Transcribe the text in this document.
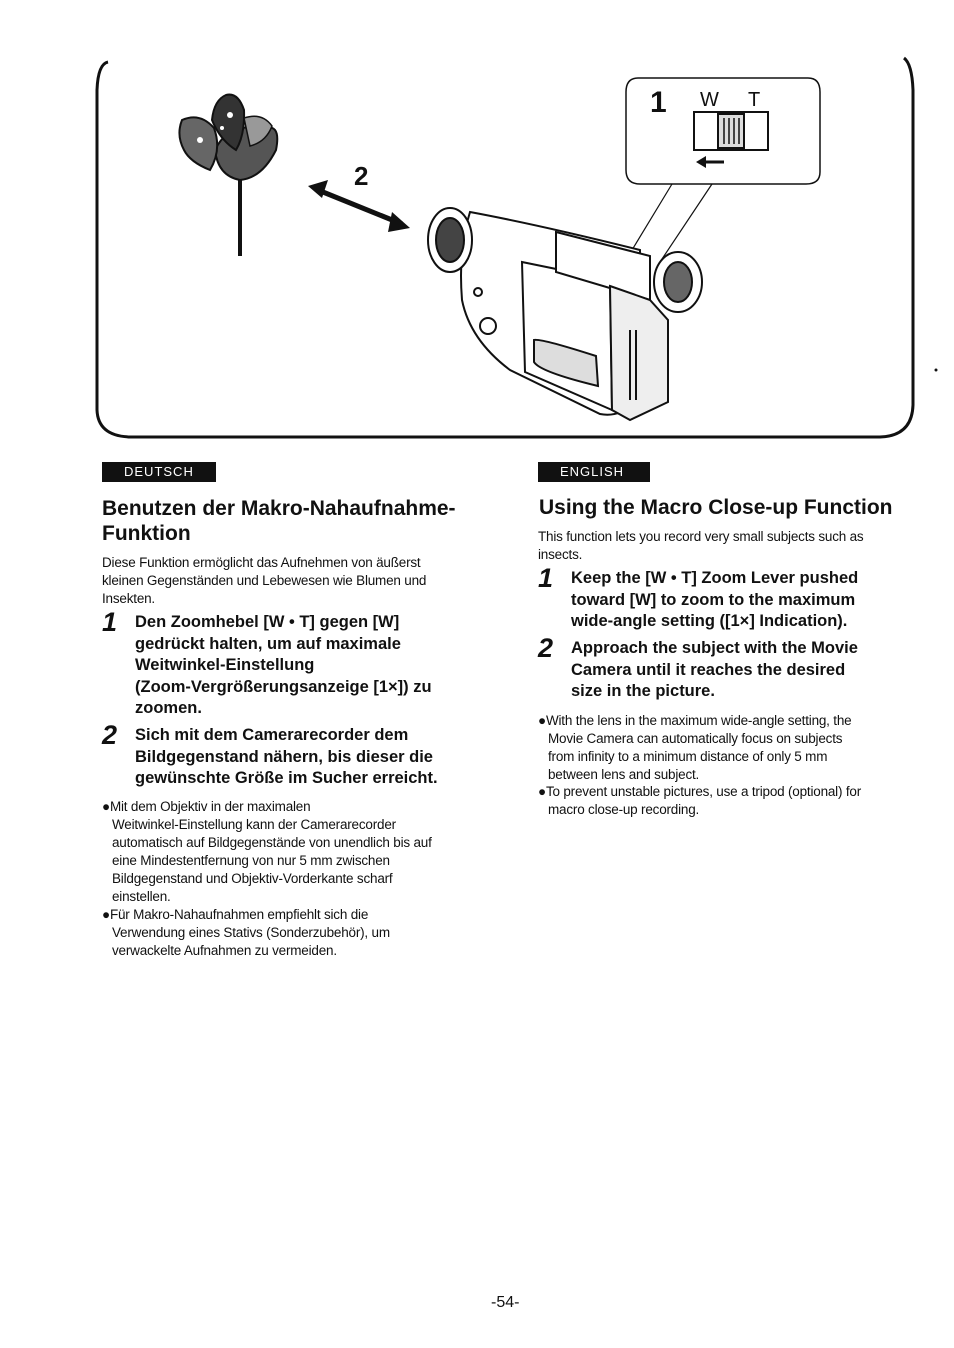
2
1 W T
DEUTSCH
Benutzen der Makro-Nahaufnahme-
Funktion
Diese Funktion ermöglicht das Aufnehmen von äußerst
kleinen Gegenständen und Lebewesen wie Blumen und
Insekten.
1 Den Zoomhebel [W • T] gegen [W]
gedrückt halten, um auf maximale
Weitwinkel-Einstellung
(Zoom-Vergrößerungsanzeige [1×]) zu
zoomen.
2 Sich mit dem Camerarecorder dem
Bildgegenstand nähern, bis dieser die
gewünschte Größe im Sucher erreicht.
●Mit dem Objektiv in der maximalen
Weitwinkel-Einstellung kann der Camerarecorder
automatisch auf Bildgegenstände von unendlich bis auf
eine Mindestentfernung von nur 5 mm zwischen
Bildgegenstand und Objektiv-Vorderkante scharf
einstellen.
●Für Makro-Nahaufnahmen empfiehlt sich die
Verwendung eines Stativs (Sonderzubehör), um
verwackelte Aufnahmen zu vermeiden.
ENGLISH
Using the Macro Close-up Function
This function lets you record very small subjects such as
insects.
1 Keep the [W • T] Zoom Lever pushed
toward [W] to zoom to the maximum
wide-angle setting ([1×] Indication).
2 Approach the subject with the Movie
Camera until it reaches the desired
size in the picture.
●With the lens in the maximum wide-angle setting, the
Movie Camera can automatically focus on subjects
from infinity to a minimum distance of only 5 mm
between lens and subject.
●To prevent unstable pictures, use a tripod (optional) for
macro close-up recording.
-54-
